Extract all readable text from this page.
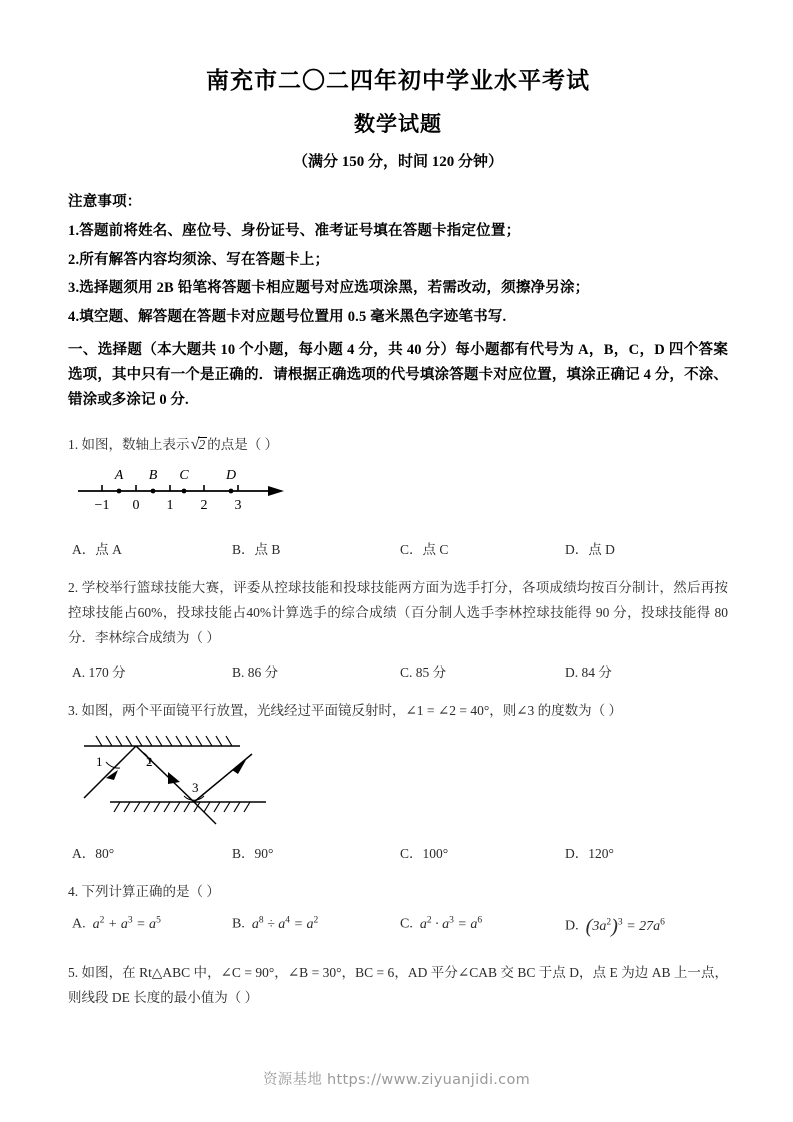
南充市二〇二四年初中学业水平考试
数学试题

（满分 150 分，时间 120 分钟）

注意事项：

1.答题前将姓名、座位号、身份证号、准考证号填在答题卡指定位置；

2.所有解答内容均须涂、写在答题卡上；

3.选择题须用 2B 铅笔将答题卡相应题号对应选项涂黑，若需改动，须擦净另涂；

4.填空题、解答题在答题卡对应题号位置用 0.5 毫米黑色字迹笔书写.

一、选择题（本大题共 10 个小题，每小题 4 分，共 40 分）每小题都有代号为 A，B，C，D 四个答案选项，其中只有一个是正确的．请根据正确选项的代号填涂答题卡对应位置，填涂正确记 4 分，不涂、错涂或多涂记 0 分.

1. 如图，数轴上表示√2 的点是（ ）

−1 0 1 2 3
A B C	D
A．点 A	B．点 B	C．点 C	D．点 D

2. 学校举行篮球技能大赛，评委从控球技能和投球技能两方面为选手打分，各项成绩均按百分制计，然后再按控球技能占60%，投球技能占40%计算选手的综合成绩（百分制人选手李林控球技能得 90 分，投球技能得 80 分．李林综合成绩为（ ）

A. 170 分	B. 86 分	C. 85 分	D. 84 分

3. 如图，两个平面镜平行放置，光线经过平面镜反射时，∠1 = ∠2 = 40°，则∠3 的度数为（ ）

1	2
3
A．80°	B．90°	C．100°	D．120°

4. 下列计算正确的是（ ）

A.  $a^2 + a^3 = a^5$	B.  $a^8 \div a^4 = a^2$	C.  $a^2 \cdot a^3 = a^6$	D. $(3a^2)^3 = 27a^6$

5. 如图，在 Rt△ABC 中，∠C = 90°，∠B = 30°，BC = 6，AD 平分∠CAB 交 BC 于点 D，点 E 为边 AB 上一点，则线段 DE 长度的最小值为（ ）

资源基地 https://www.ziyuanjidi.com
